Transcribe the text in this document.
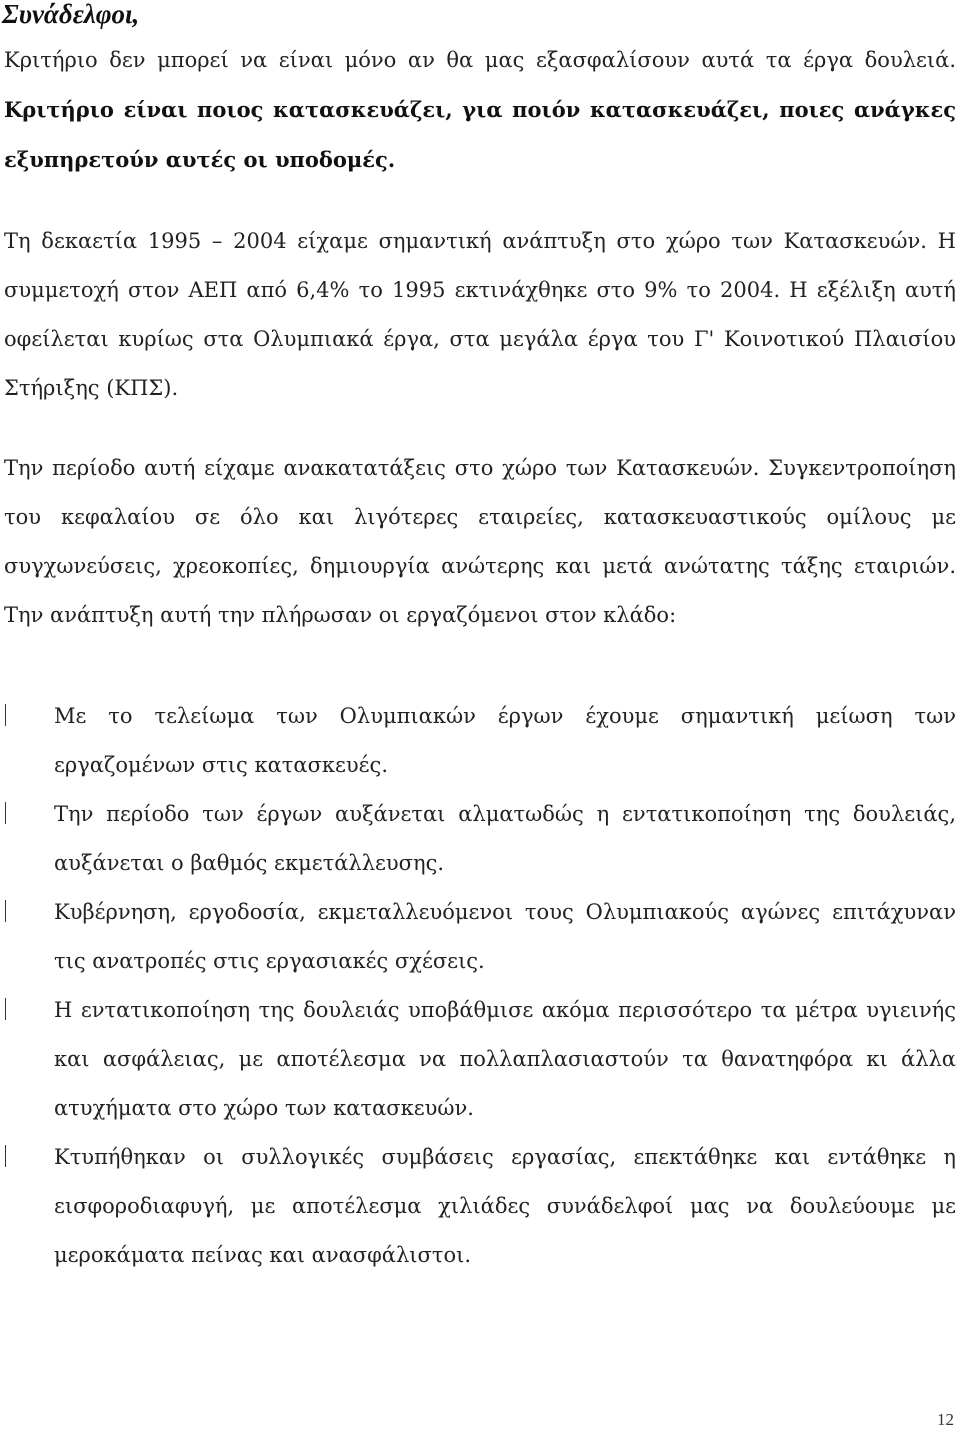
Συνάδελφοι,
Κριτήριο δεν μπορεί να είναι μόνο αν θα μας εξασφαλίσουν αυτά τα έργα δουλειά. Κριτήριο είναι ποιος κατασκευάζει, για ποιόν κατασκευάζει, ποιες ανάγκες εξυπηρετούν αυτές οι υποδομές.
Τη δεκαετία 1995 – 2004 είχαμε σημαντική ανάπτυξη στο χώρο των Κατασκευών. Η συμμετοχή στον ΑΕΠ από 6,4% το 1995 εκτινάχθηκε στο 9% το 2004. Η εξέλιξη αυτή οφείλεται κυρίως στα Ολυμπιακά έργα, στα μεγάλα έργα του Γ' Κοινοτικού Πλαισίου Στήριξης (ΚΠΣ).
Την περίοδο αυτή είχαμε ανακατατάξεις στο χώρο των Κατασκευών. Συγκεντροποίηση του κεφαλαίου σε όλο και λιγότερες εταιρείες, κατασκευαστικούς ομίλους με συγχωνεύσεις, χρεοκοπίες, δημιουργία ανώτερης και μετά ανώτατης τάξης εταιριών. Την ανάπτυξη αυτή την πλήρωσαν οι εργαζόμενοι στον κλάδο:
Με το τελείωμα των Ολυμπιακών έργων έχουμε σημαντική μείωση των εργαζομένων στις κατασκευές.
Την περίοδο των έργων αυξάνεται αλματωδώς η εντατικοποίηση της δουλειάς, αυξάνεται ο βαθμός εκμετάλλευσης.
Κυβέρνηση, εργοδοσία, εκμεταλλευόμενοι τους Ολυμπιακούς αγώνες επιτάχυναν τις ανατροπές στις εργασιακές σχέσεις.
Η εντατικοποίηση της δουλειάς υποβάθμισε ακόμα περισσότερο τα μέτρα υγιεινής και ασφάλειας, με αποτέλεσμα να πολλαπλασιαστούν τα θανατηφόρα κι άλλα ατυχήματα στο χώρο των κατασκευών.
Κτυπήθηκαν οι συλλογικές συμβάσεις εργασίας, επεκτάθηκε και εντάθηκε η εισφοροδιαφυγή, με αποτέλεσμα χιλιάδες συνάδελφοί μας να δουλεύουμε με μεροκάματα πείνας και ανασφάλιστοι.
12
